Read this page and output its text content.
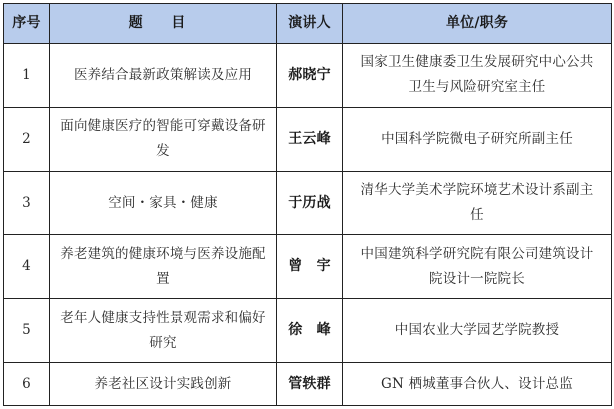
序号	题 目	演讲人	单位/职务
1	医养结合最新政策解读及应用	郝晓宁	国家卫生健康委卫生发展研究中心公共卫生与风险研究室主任
2	面向健康医疗的智能可穿戴设备研发	王云峰	中国科学院微电子研究所副主任
3	空间・家具・健康	于历战	清华大学美术学院环境艺术设计系副主任
4	养老建筑的健康环境与医养设施配置	曾　宇	中国建筑科学研究院有限公司建筑设计院设计一院院长
5	老年人健康支持性景观需求和偏好研究	徐　峰	中国农业大学园艺学院教授
6	养老社区设计实践创新	管轶群	GN 栖城董事合伙人、设计总监
